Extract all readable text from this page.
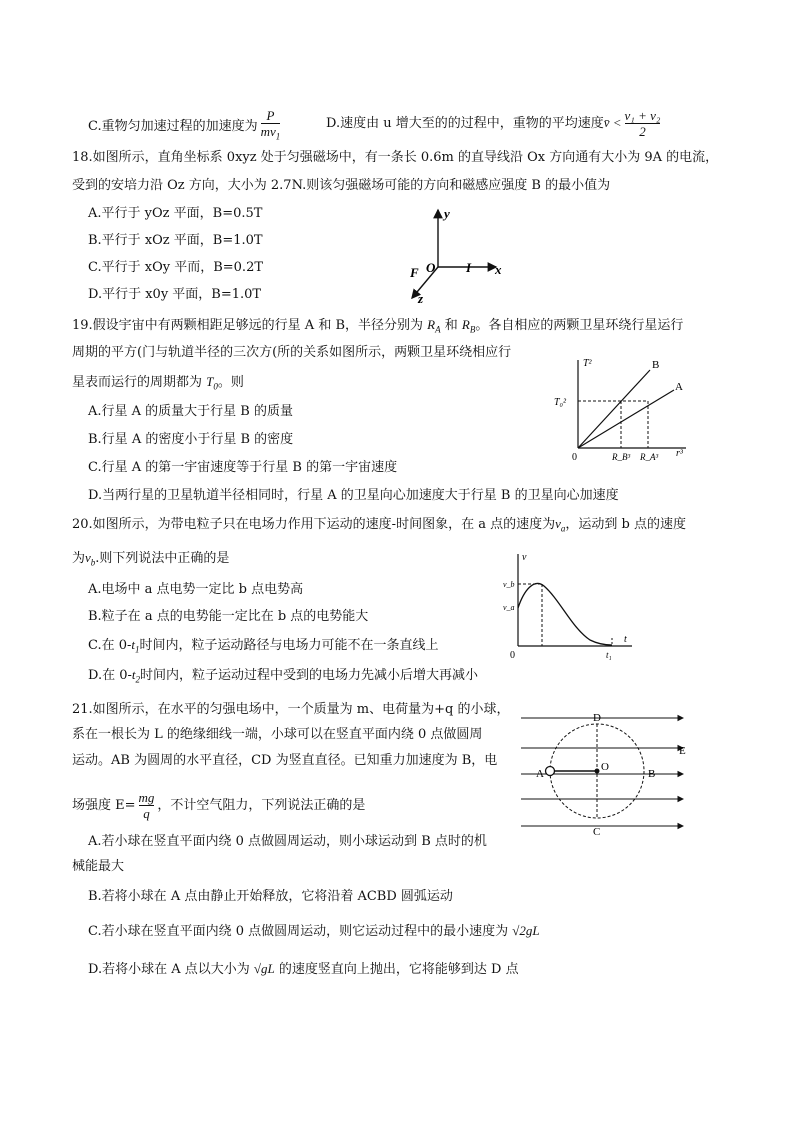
C.重物匀加速过程的加速度为 $\frac{P}{mv_1}$	D.速度由 u 增大至的的过程中，重物的平均速度v̄ < $\frac{\text{v₁ + v₂}}{2}$
18.如图所示，直角坐标系 0xyz 处于匀强磁场中，有一条长 0.6m 的直导线沿 Ox 方向通有大小为 9A 的电流，
受到的安培力沿 Oz 方向，大小为 2.7N.则该匀强磁场可能的方向和磁感应强度 B 的最小值为
A.平行于 yOz 平面，B=0.5T
B.平行于 xOz 平面，B=1.0T
C.平行于 xOy 平而，B=0.2T
D.平行于 x0y 平面，B=1.0T
y
x
z
O I
F
19.假设宇宙中有两颗相距足够远的行星 A 和 B，半径分别为 $R_A$ 和 $R_B$。各自相应的两颗卫星环绕行星运行
周期的平方(门与轨道半径的三次方(所的关系如图所示，两颗卫星环绕相应行
星表而运行的周期都为 $T_0$。则
A.行星 A 的质量大于行星 B 的质量
B.行星 A 的密度小于行星 B 的密度
C.行星 A 的第一宇宙速度等于行星 B 的第一宇宙速度
D.当两行星的卫星轨道半径相同时，行星 A 的卫星向心加速度大于行星 B 的卫星向心加速度
T²
T₀²
0	R_B³ R_A³ r³
B
A
20.如图所示，为带电粒子只在电场力作用下运动的速度-时间图象，在 a 点的速度为$v_a$，运动到 b 点的速度
为$v_b$.则下列说法中正确的是
A.电场中 a 点电势一定比 b 点电势高
B.粒子在 a 点的电势能一定比在 b 点的电势能大
C.在 $0-t_1$时间内，粒子运动路径与电场力可能不在一条直线上
D.在 $0-t_2$时间内，粒子运动过程中受到的电场力先减小后增大再减小
v
v_b
v_a
0
t
t₁
21.如图所示，在水平的匀强电场中，一个质量为 m、电荷量为+q 的小球，
系在一根长为 L 的绝缘细线一端，小球可以在竖直平面内绕 0 点做圆周
运动。AB 为圆周的水平直径，CD 为竖直直径。已知重力加速度为 B，电
场强度 $E= \frac{mg}{q}$ ，不计空气阻力，下列说法正确的是
A.若小球在竖直平面内绕 0 点做圆周运动，则小球运动到 B 点时的机
械能最大
B.若将小球在 A 点由静止开始释放，它将沿着 ACBD 圆弧运动
C.若小球在竖直平面内绕 0 点做圆周运动，则它运动过程中的最小速度为 √2gL
D.若将小球在 A 点以大小为 √gL 的速度竖直向上抛出，它将能够到达 D 点
D
E
A
O
B
C
